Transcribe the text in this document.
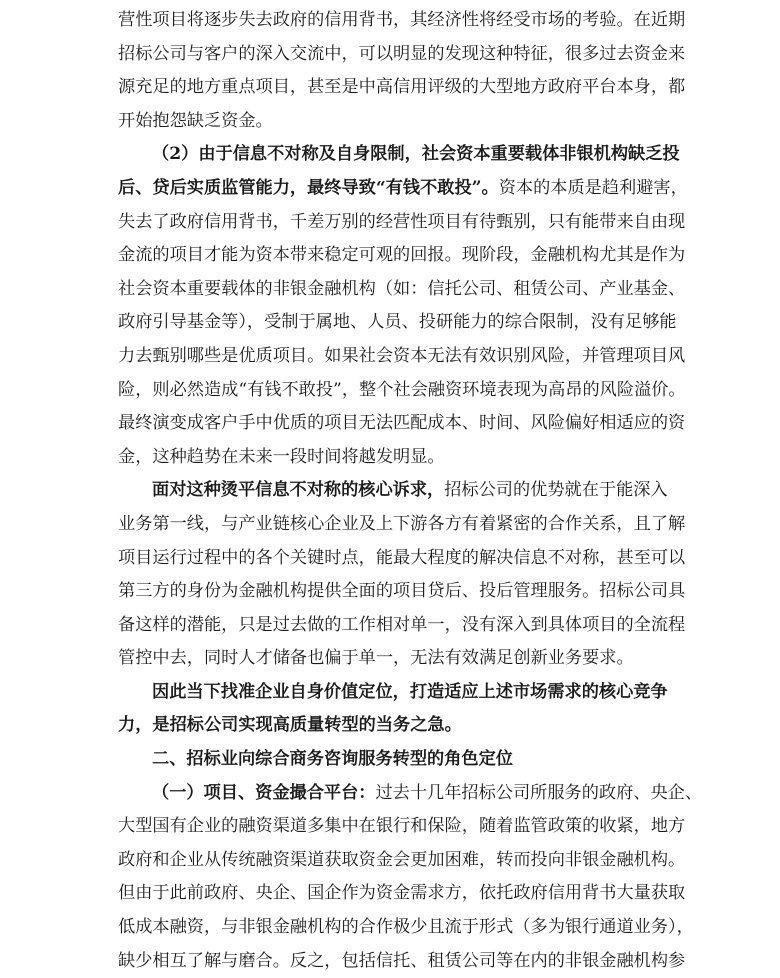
营性项目将逐步失去政府的信用背书，其经济性将经受市场的考验。在近期
招标公司与客户的深入交流中，可以明显的发现这种特征，很多过去资金来
源充足的地方重点项目，甚至是中高信用评级的大型地方政府平台本身，都
开始抱怨缺乏资金。
（2）由于信息不对称及自身限制，社会资本重要载体非银机构缺乏投
后、贷后实质监管能力，最终导致“有钱不敢投”。资本的本质是趋利避害，
失去了政府信用背书，千差万别的经营性项目有待甄别，只有能带来自由现
金流的项目才能为资本带来稳定可观的回报。现阶段，金融机构尤其是作为
社会资本重要载体的非银金融机构（如：信托公司、租赁公司、产业基金、
政府引导基金等），受制于属地、人员、投研能力的综合限制，没有足够能
力去甄别哪些是优质项目。如果社会资本无法有效识别风险，并管理项目风
险，则必然造成“有钱不敢投”，整个社会融资环境表现为高昂的风险溢价。
最终演变成客户手中优质的项目无法匹配成本、时间、风险偏好相适应的资
金，这种趋势在未来一段时间将越发明显。
面对这种烫平信息不对称的核心诉求，招标公司的优势就在于能深入
业务第一线，与产业链核心企业及上下游各方有着紧密的合作关系，且了解
项目运行过程中的各个关键时点，能最大程度的解决信息不对称，甚至可以
第三方的身份为金融机构提供全面的项目贷后、投后管理服务。招标公司具
备这样的潜能，只是过去做的工作相对单一，没有深入到具体项目的全流程
管控中去，同时人才储备也偏于单一，无法有效满足创新业务要求。
因此当下找准企业自身价值定位，打造适应上述市场需求的核心竞争
力，是招标公司实现高质量转型的当务之急。
二、招标业向综合商务咨询服务转型的角色定位
（一）项目、资金撮合平台：过去十几年招标公司所服务的政府、央企、
大型国有企业的融资渠道多集中在银行和保险，随着监管政策的收紧，地方
政府和企业从传统融资渠道获取资金会更加困难，转而投向非银金融机构。
但由于此前政府、央企、国企作为资金需求方，依托政府信用背书大量获取
低成本融资，与非银金融机构的合作极少且流于形式（多为银行通道业务），
缺少相互了解与磨合。反之，包括信托、租赁公司等在内的非银金融机构参
